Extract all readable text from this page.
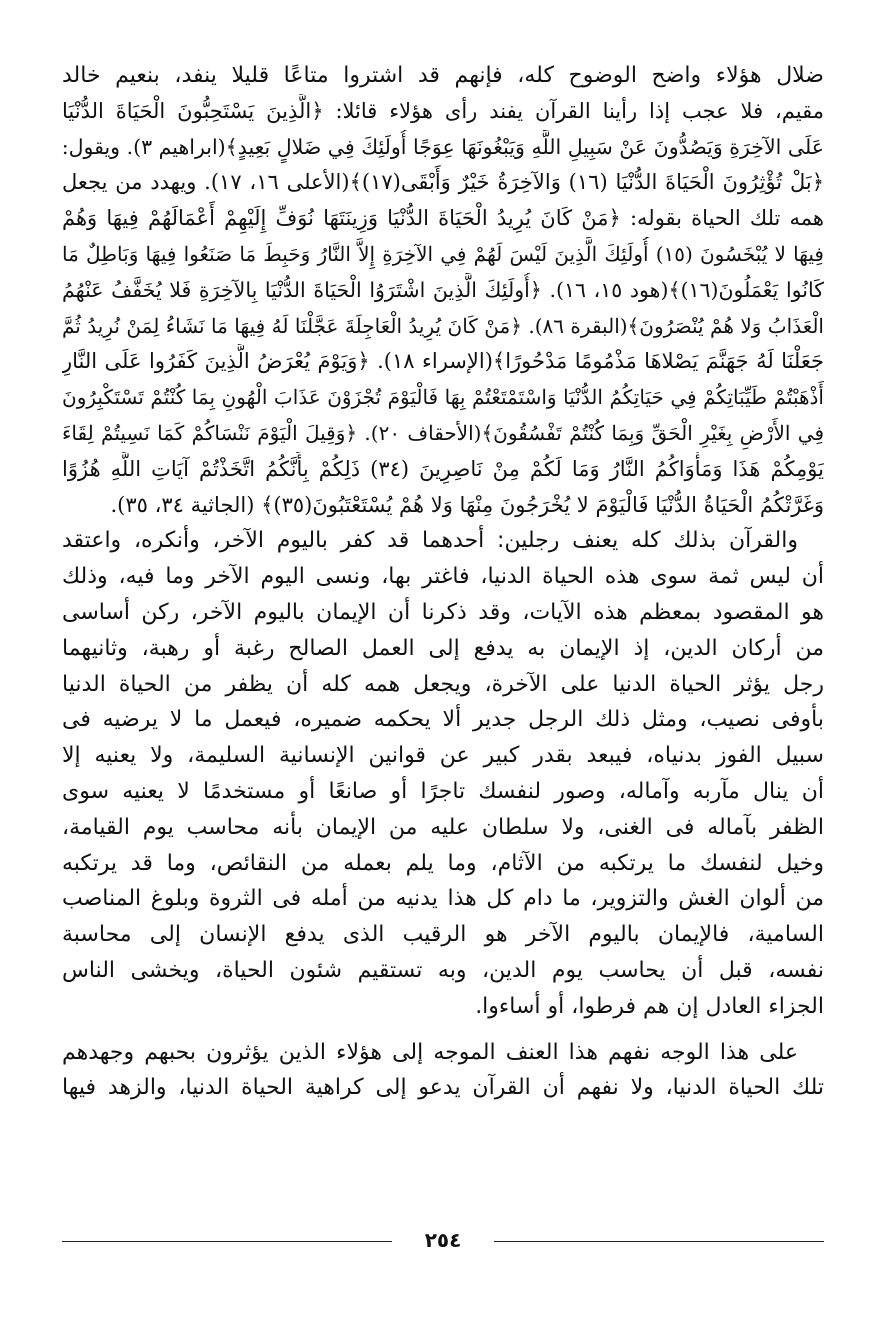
ضلال هؤلاء واضح الوضوح كله، فإنهم قد اشتروا متاعًا قليلا ينفد، بنعيم خالد
مقيم، فلا عجب إذا رأينا القرآن يفند رأى هؤلاء قائلا: ﴿الَّذِينَ يَسْتَحِبُّونَ الْحَيَاةَ الدُّنْيَا
عَلَى الآخِرَةِ وَيَصُدُّونَ عَنْ سَبِيلِ اللَّهِ وَيَبْغُونَهَا عِوَجًا أُولَئِكَ فِي ضَلالٍ بَعِيدٍ﴾(ابراهيم ٣). ويقول:
﴿بَلْ تُؤْثِرُونَ الْحَيَاةَ الدُّنْيَا (١٦) وَالآخِرَةُ خَيْرٌ وَأَبْقَى(١٧)﴾(الأعلى ١٦، ١٧). ويهدد من يجعل
همه تلك الحياة بقوله: ﴿مَنْ كَانَ يُرِيدُ الْحَيَاةَ الدُّنْيَا وَزِينَتَهَا نُوَفِّ إِلَيْهِمْ أَعْمَالَهُمْ فِيهَا وَهُمْ
فِيهَا لا يُبْخَسُونَ (١٥) أُولَئِكَ الَّذِينَ لَيْسَ لَهُمْ فِي الآخِرَةِ إِلاَّ النَّارُ وَحَبِطَ مَا صَنَعُوا فِيهَا وَبَاطِلٌ مَا
كَانُوا يَعْمَلُونَ(١٦)﴾(هود ١٥، ١٦). ﴿أُولَئِكَ الَّذِينَ اشْتَرَوُا الْحَيَاةَ الدُّنْيَا بِالآخِرَةِ فَلا يُخَفَّفُ عَنْهُمُ
الْعَذَابُ وَلا هُمْ يُنْصَرُونَ﴾(البقرة ٨٦). ﴿مَنْ كَانَ يُرِيدُ الْعَاجِلَةَ عَجَّلْنَا لَهُ فِيهَا مَا نَشَاءُ لِمَنْ نُرِيدُ ثُمَّ
جَعَلْنَا لَهُ جَهَنَّمَ يَصْلاهَا مَذْمُومًا مَدْحُورًا﴾(الإسراء ١٨). ﴿وَيَوْمَ يُعْرَضُ الَّذِينَ كَفَرُوا عَلَى النَّارِ
أَذْهَبْتُمْ طَيِّبَاتِكُمْ فِي حَيَاتِكُمُ الدُّنْيَا وَاسْتَمْتَعْتُمْ بِهَا فَالْيَوْمَ تُجْزَوْنَ عَذَابَ الْهُونِ بِمَا كُنْتُمْ تَسْتَكْبِرُونَ
فِي الأَرْضِ بِغَيْرِ الْحَقِّ وَبِمَا كُنْتُمْ تَفْسُقُونَ﴾(الأحقاف ٢٠). ﴿وَقِيلَ الْيَوْمَ نَنْسَاكُمْ كَمَا نَسِيتُمْ لِقَاءَ
يَوْمِكُمْ هَذَا وَمَأْوَاكُمُ النَّارُ وَمَا لَكُمْ مِنْ نَاصِرِينَ (٣٤) ذَلِكُمْ بِأَنَّكُمُ اتَّخَذْتُمْ آيَاتِ اللَّهِ هُزُوًا
وَغَرَّتْكُمُ الْحَيَاةُ الدُّنْيَا فَالْيَوْمَ لا يُخْرَجُونَ مِنْهَا وَلا هُمْ يُسْتَعْتَبُونَ(٣٥)﴾ (الجاثية ٣٤، ٣٥).
والقرآن بذلك كله يعنف رجلين: أحدهما قد كفر باليوم الآخر، وأنكره، واعتقد
أن ليس ثمة سوى هذه الحياة الدنيا، فاغتر بها، ونسى اليوم الآخر وما فيه، وذلك
هو المقصود بمعظم هذه الآيات، وقد ذكرنا أن الإيمان باليوم الآخر، ركن أساسى
من أركان الدين، إذ الإيمان به يدفع إلى العمل الصالح رغبة أو رهبة، وثانيهما
رجل يؤثر الحياة الدنيا على الآخرة، ويجعل همه كله أن يظفر من الحياة الدنيا
بأوفى نصيب، ومثل ذلك الرجل جدير ألا يحكمه ضميره، فيعمل ما لا يرضيه فى
سبيل الفوز بدنياه، فيبعد بقدر كبير عن قوانين الإنسانية السليمة، ولا يعنيه إلا
أن ينال مآربه وآماله، وصور لنفسك تاجرًا أو صانعًا أو مستخدمًا لا يعنيه سوى
الظفر بآماله فى الغنى، ولا سلطان عليه من الإيمان بأنه محاسب يوم القيامة،
وخيل لنفسك ما يرتكبه من الآثام، وما يلم بعمله من النقائص، وما قد يرتكبه
من ألوان الغش والتزوير، ما دام كل هذا يدنيه من أمله فى الثروة وبلوغ المناصب
السامية، فالإيمان باليوم الآخر هو الرقيب الذى يدفع الإنسان إلى محاسبة
نفسه، قبل أن يحاسب يوم الدين، وبه تستقيم شئون الحياة، ويخشى الناس
الجزاء العادل إن هم فرطوا، أو أساءوا.
على هذا الوجه نفهم هذا العنف الموجه إلى هؤلاء الذين يؤثرون بحبهم وجهدهم
تلك الحياة الدنيا، ولا نفهم أن القرآن يدعو إلى كراهية الحياة الدنيا، والزهد فيها
٢٥٤
